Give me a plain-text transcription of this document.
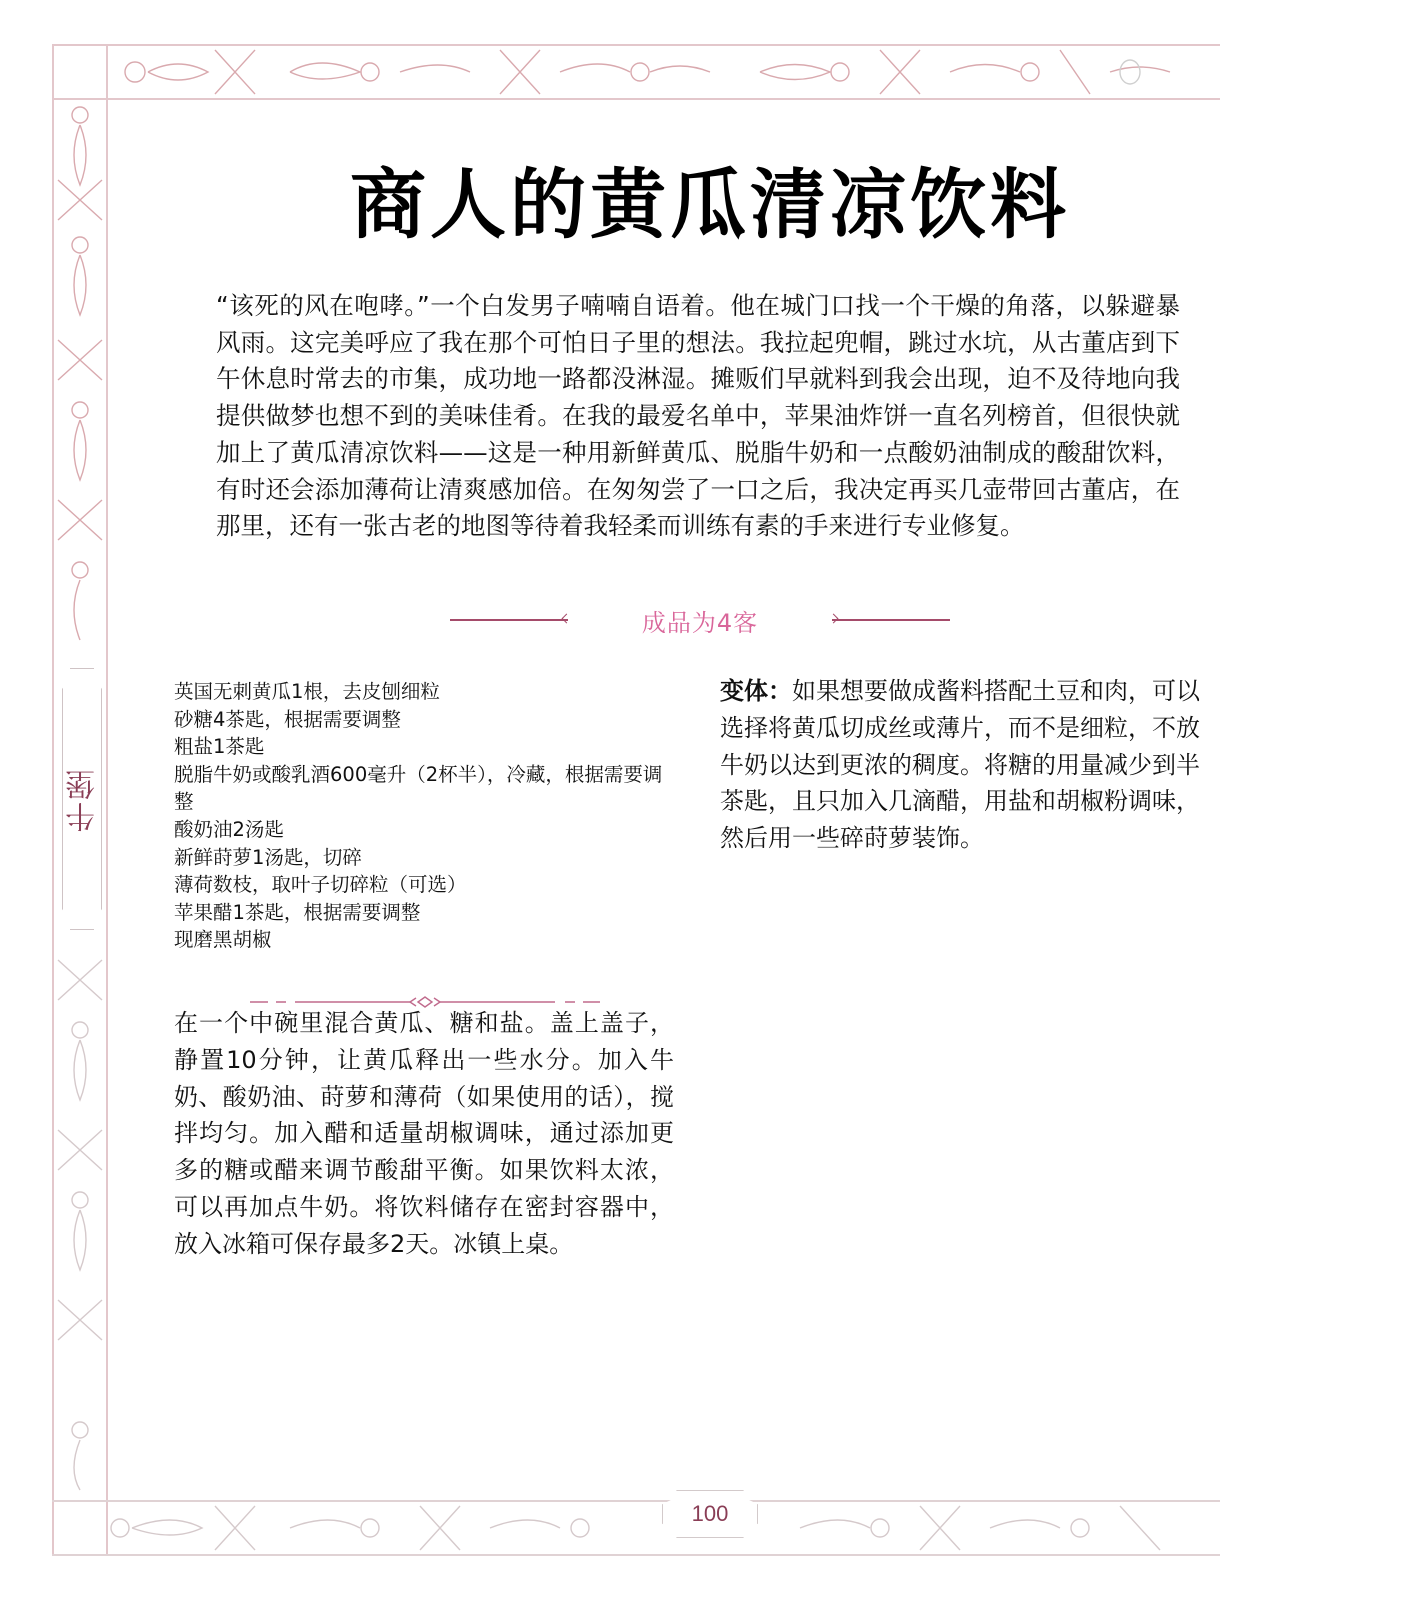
牛堡
100
商人的黄瓜清凉饮料

“该死的风在咆哮。”一个白发男子喃喃自语着。他在城门口找一个干燥的角落，以躲避暴风雨。这完美呼应了我在那个可怕日子里的想法。我拉起兜帽，跳过水坑，从古董店到下午休息时常去的市集，成功地一路都没淋湿。摊贩们早就料到我会出现，迫不及待地向我提供做梦也想不到的美味佳肴。在我的最爱名单中，苹果油炸饼一直名列榜首，但很快就加上了黄瓜清凉饮料——这是一种用新鲜黄瓜、脱脂牛奶和一点酸奶油制成的酸甜饮料，有时还会添加薄荷让清爽感加倍。在匆匆尝了一口之后，我决定再买几壶带回古董店，在那里，还有一张古老的地图等待着我轻柔而训练有素的手来进行专业修复。

成品为4客
英国无刺黄瓜1根，去皮刨细粒
砂糖4茶匙，根据需要调整
粗盐1茶匙
脱脂牛奶或酸乳酒600毫升（2杯半），冷藏，根据需要调整
酸奶油2汤匙
新鲜莳萝1汤匙，切碎
薄荷数枝，取叶子切碎粒（可选）
苹果醋1茶匙，根据需要调整
现磨黑胡椒

在一个中碗里混合黄瓜、糖和盐。盖上盖子，静置10分钟，让黄瓜释出一些水分。加入牛奶、酸奶油、莳萝和薄荷（如果使用的话），搅拌均匀。加入醋和适量胡椒调味，通过添加更多的糖或醋来调节酸甜平衡。如果饮料太浓，可以再加点牛奶。将饮料储存在密封容器中，放入冰箱可保存最多2天。冰镇上桌。

变体：如果想要做成酱料搭配土豆和肉，可以选择将黄瓜切成丝或薄片，而不是细粒，不放牛奶以达到更浓的稠度。将糖的用量减少到半茶匙，且只加入几滴醋，用盐和胡椒粉调味，然后用一些碎莳萝装饰。
